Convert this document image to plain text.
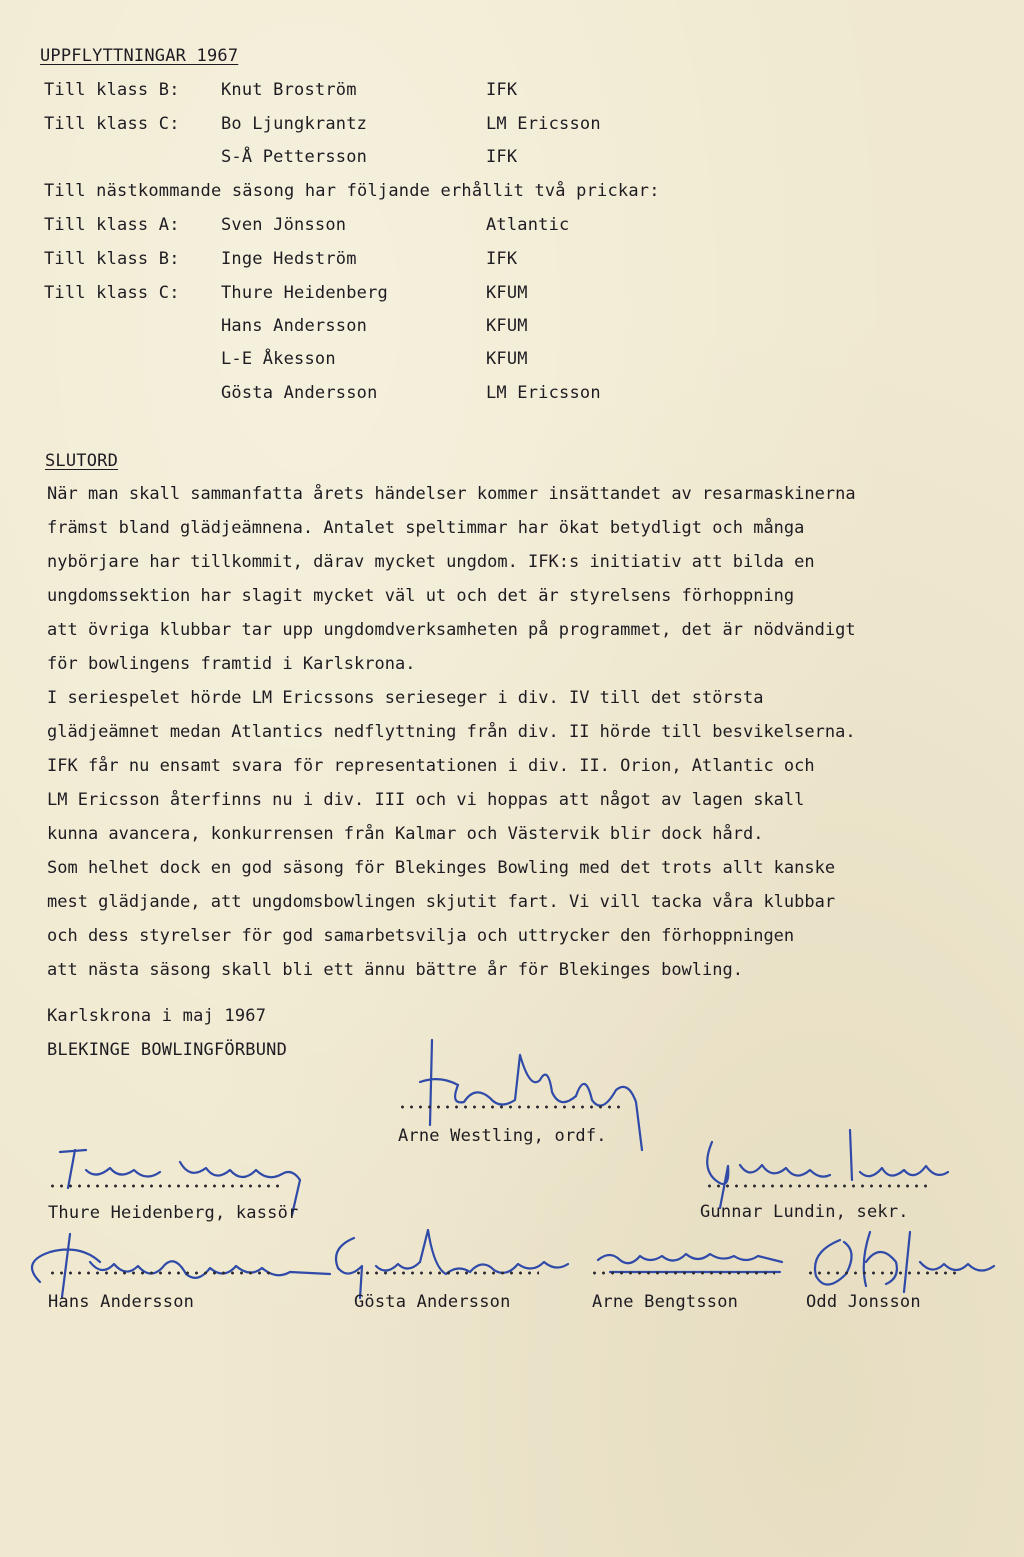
UPPFLYTTNINGAR 1967
Till klass B: Knut Broström	IFK
Till klass C: Bo Ljungkrantz	LM Ericsson
S-Å Pettersson	IFK
Till nästkommande säsong har följande erhållit två prickar:
Till klass A: Sven Jönsson	Atlantic
Till klass B: Inge Hedström	IFK
Till klass C: Thure Heidenberg	KFUM
Hans Andersson	KFUM
L-E Åkesson	KFUM
Gösta Andersson	LM Ericsson
SLUTORD
När man skall sammanfatta årets händelser kommer insättandet av resarmaskinerna
främst bland glädjeämnena. Antalet speltimmar har ökat betydligt och många
nybörjare har tillkommit, därav mycket ungdom. IFK:s initiativ att bilda en
ungdomssektion har slagit mycket väl ut och det är styrelsens förhoppning
att övriga klubbar tar upp ungdomdverksamheten på programmet, det är nödvändigt
för bowlingens framtid i Karlskrona.
I seriespelet hörde LM Ericssons serieseger i div. IV till det största
glädjeämnet medan Atlantics nedflyttning från div. II hörde till besvikelserna.
IFK får nu ensamt svara för representationen i div. II. Orion, Atlantic och
LM Ericsson återfinns nu i div. III och vi hoppas att något av lagen skall
kunna avancera, konkurrensen från Kalmar och Västervik blir dock hård.
Som helhet dock en god säsong för Blekinges Bowling med det trots allt kanske
mest glädjande, att ungdomsbowlingen skjutit fart. Vi vill tacka våra klubbar
och dess styrelser för god samarbetsvilja och uttrycker den förhoppningen
att nästa säsong skall bli ett ännu bättre år för Blekinges bowling.
Karlskrona i maj 1967
BLEKINGE BOWLINGFÖRBUND
Arne Westling, ordf.
Thure Heidenberg, kassör	Gunnar Lundin, sekr.
Hans Andersson	Gösta Andersson	Arne Bengtsson	Odd Jonsson
